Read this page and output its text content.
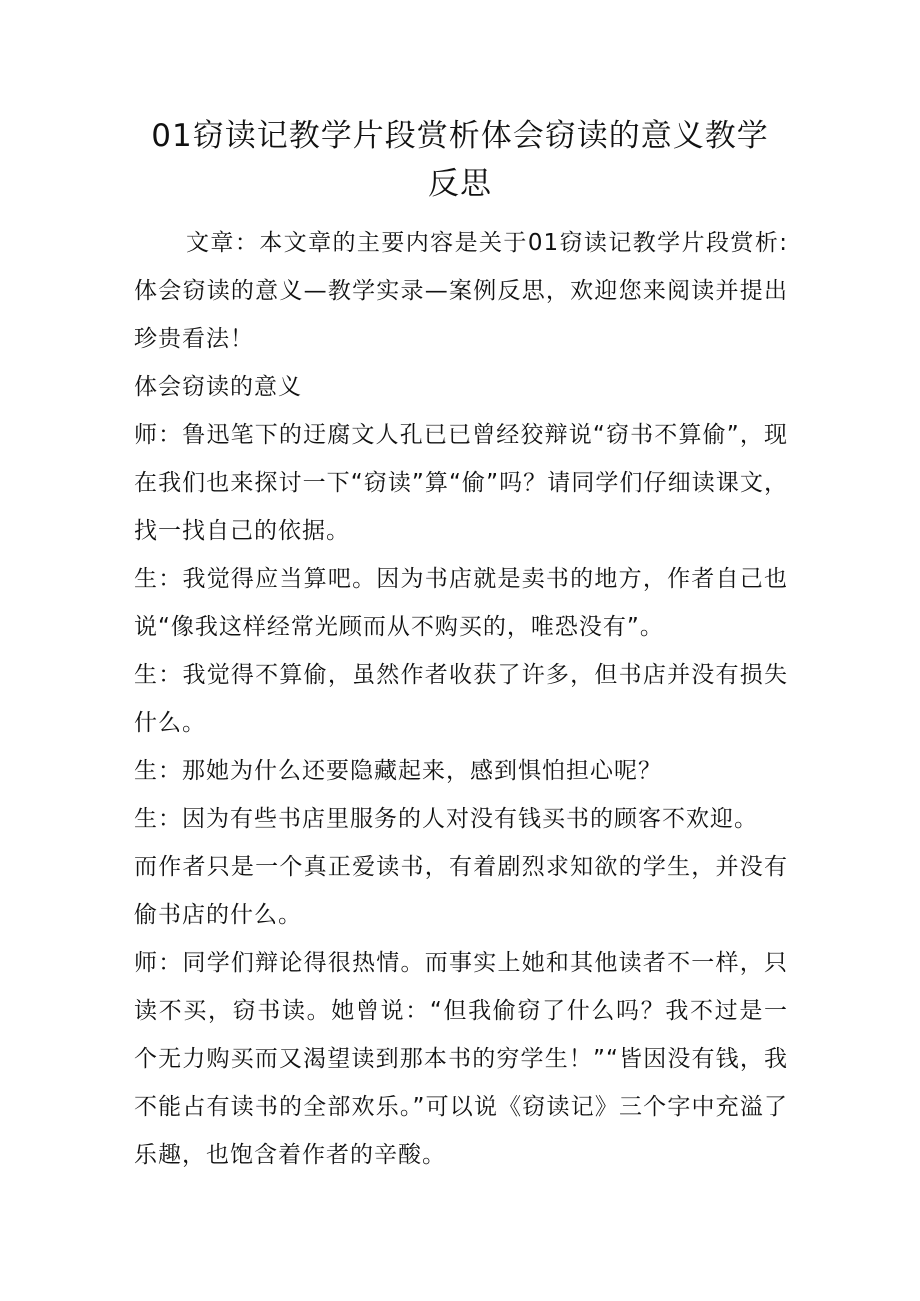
01窃读记教学片段赏析体会窃读的意义教学反思

文章：本文章的主要内容是关于01窃读记教学片段赏析:体会窃读的意义—教学实录—案例反思，欢迎您来阅读并提出珍贵看法！

体会窃读的意义

师：鲁迅笔下的迂腐文人孔已已曾经狡辩说“窃书不算偷”，现在我们也来探讨一下“窃读”算“偷”吗？请同学们仔细读课文，找一找自己的依据。

生：我觉得应当算吧。因为书店就是卖书的地方，作者自己也说“像我这样经常光顾而从不购买的，唯恐没有”。

生：我觉得不算偷，虽然作者收获了许多，但书店并没有损失什么。

生：那她为什么还要隐藏起来，感到惧怕担心呢？

生：因为有些书店里服务的人对没有钱买书的顾客不欢迎。

而作者只是一个真正爱读书，有着剧烈求知欲的学生，并没有偷书店的什么。

师：同学们辩论得很热情。而事实上她和其他读者不一样，只读不买，窃书读。她曾说：“但我偷窃了什么吗？我不过是一个无力购买而又渴望读到那本书的穷学生！”“皆因没有钱，我不能占有读书的全部欢乐。”可以说《窃读记》三个字中充溢了乐趣，也饱含着作者的辛酸。
